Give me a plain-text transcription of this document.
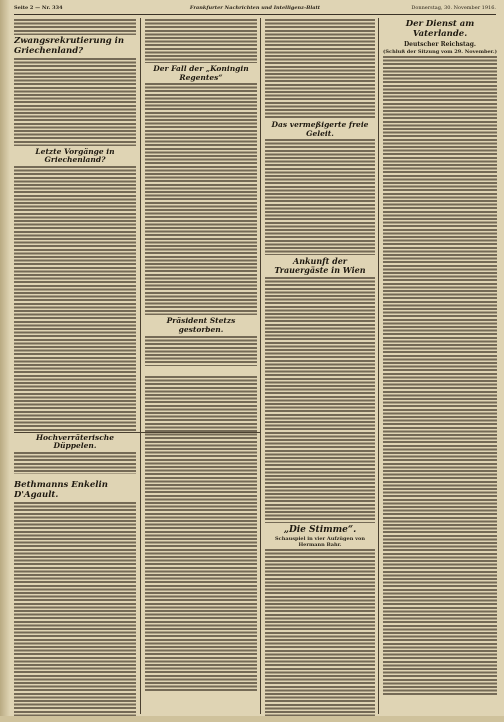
Seite 2 — Nr. 334	Frankfurter Nachrichten und Intelligenz-Blatt	Donnerstag, 30. November 1916.
Zwangsrekrutierung in Griechenland?
Letzte Vorgänge in Griechenland?
Hochverräterische Düppelen.
Bethmanns Enkelin D'Agault.
Der Fall der „Koningin Regentes“
Präsident Stetzs gestorben.
Das vermeßigerte freie Geleit.
Ankunft der Trauergäste in Wien
„Die Stimme“.
Schauspiel in vier Aufzügen von Hermann Bahr.
Der Dienst am Vaterlande.
Deutscher Reichstag.
(Schluß der Sitzung vom 29. November.)
